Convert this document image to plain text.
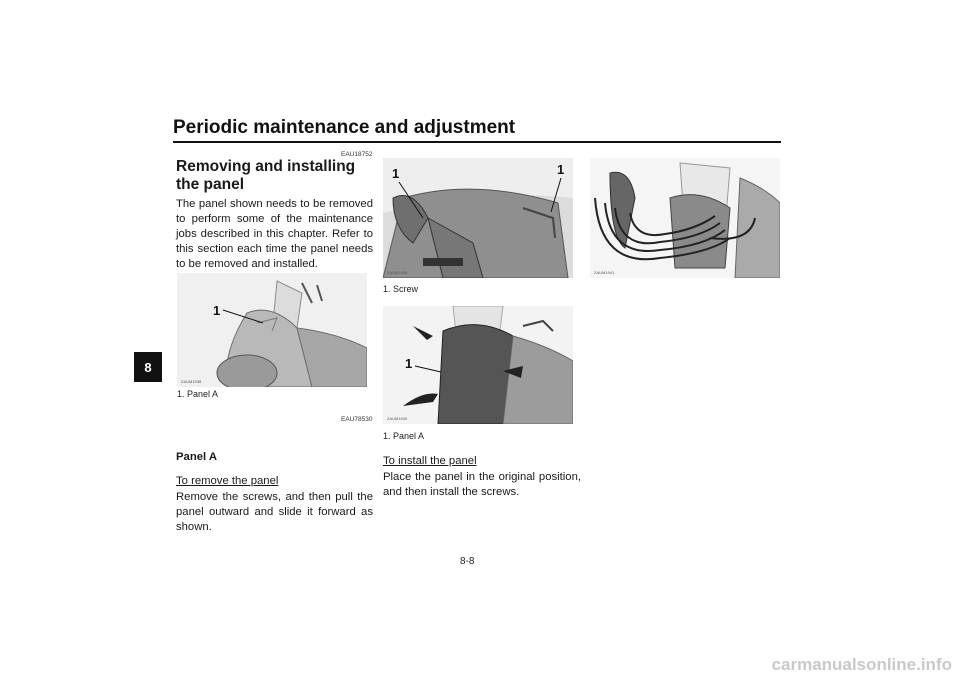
Periodic maintenance and adjustment
8
EAU18752
Removing and installing the panel
The panel shown needs to be removed to perform some of the maintenance jobs described in this chapter. Refer to this section each time the panel needs to be removed and installed.
1
ZAUM1938
1. Panel A
EAU78530
Panel A
To remove the panel
Remove the screws, and then pull the panel outward and slide it forward as shown.
1	1
ZAUM1939
1. Screw
1
ZAUM1940
1. Panel A
To install the panel
Place the panel in the original position, and then install the screws.
ZAUM1941
8-8
carmanualsonline.info
